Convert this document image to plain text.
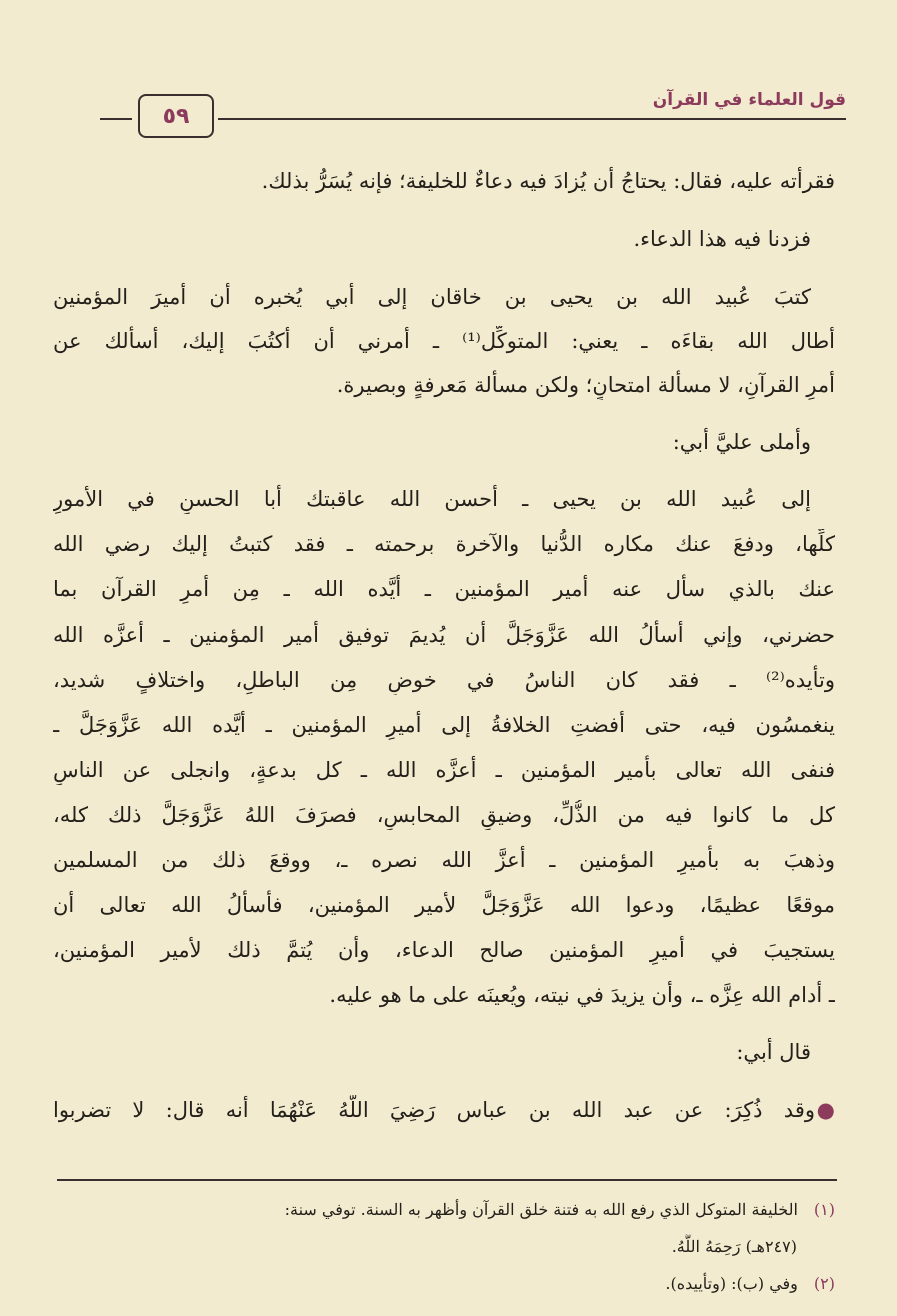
٥٩
قول العلماء في القرآن
فقرأته عليه، فقال: يحتاجُ أن يُزادَ فيه دعاءٌ للخليفة؛ فإنه يُسَرُّ بذلك.
فزدنا فيه هذا الدعاء.
كتبَ عُبيد الله بن يحيى بن خاقان إلى أبي يُخبره أن أميرَ المؤمنين
أطال الله بقاءَه ـ يعني: المتوكِّل⁽¹⁾ ـ أمرني أن أكتُبَ إليك، أسألك عن
أمرِ القرآنِ، لا مسألة امتحانٍ؛ ولكن مسألة مَعرفةٍ وبصيرة.
وأملى عليَّ أبي:
إلى عُبيد الله بن يحيى ـ أحسن الله عاقبتك أبا الحسنِ في الأمورِ
كلِّها، ودفعَ عنك مكاره الدُّنيا والآخرة برحمته ـ فقد كتبتُ إليك رضي الله
عنك بالذي سأل عنه أمير المؤمنين ـ أيَّده الله ـ مِن أمرِ القرآن بما
حضرني، وإني أسألُ الله عَزَّوَجَلَّ أن يُديمَ توفيق أمير المؤمنين ـ أعزَّه الله
وتأيده⁽²⁾ ـ فقد كان الناسُ في خوضٍ مِن الباطلِ، واختلافٍ شديد،
ينغمسُون فيه، حتى أفضتِ الخلافةُ إلى أميرِ المؤمنين ـ أيَّده الله عَزَّوَجَلَّ ـ
فنفى الله تعالى بأمير المؤمنين ـ أعزَّه الله ـ كل بدعةٍ، وانجلى عن الناسِ
كل ما كانوا فيه من الذُّلِّ، وضيقِ المحابسِ، فصرَفَ اللهُ عَزَّوَجَلَّ ذلك كله،
وذهبَ به بأميرِ المؤمنين ـ أعزَّ الله نصره ـ، ووقعَ ذلك من المسلمين
موقعًا عظيمًا، ودعوا الله عَزَّوَجَلَّ لأمير المؤمنين، فأسألُ الله تعالى أن
يستجيبَ في أميرِ المؤمنين صالح الدعاء، وأن يُتمَّ ذلك لأمير المؤمنين،
ـ أدام الله عِزَّه ـ، وأن يزيدَ في نيته، ويُعينَه على ما هو عليه.
قال أبي:
وقد ذُكِرَ: عن عبد الله بن عباس رَضِيَ اللَّهُ عَنْهُمَا أنه قال: لا تضربوا ●
(١)الخليفة المتوكل الذي رفع الله به فتنة خلق القرآن وأظهر به السنة. توفي سنة:
(٢٤٧هـ) رَحِمَهُ اللَّهُ.
(٢)وفي (ب): (وتأييده).
